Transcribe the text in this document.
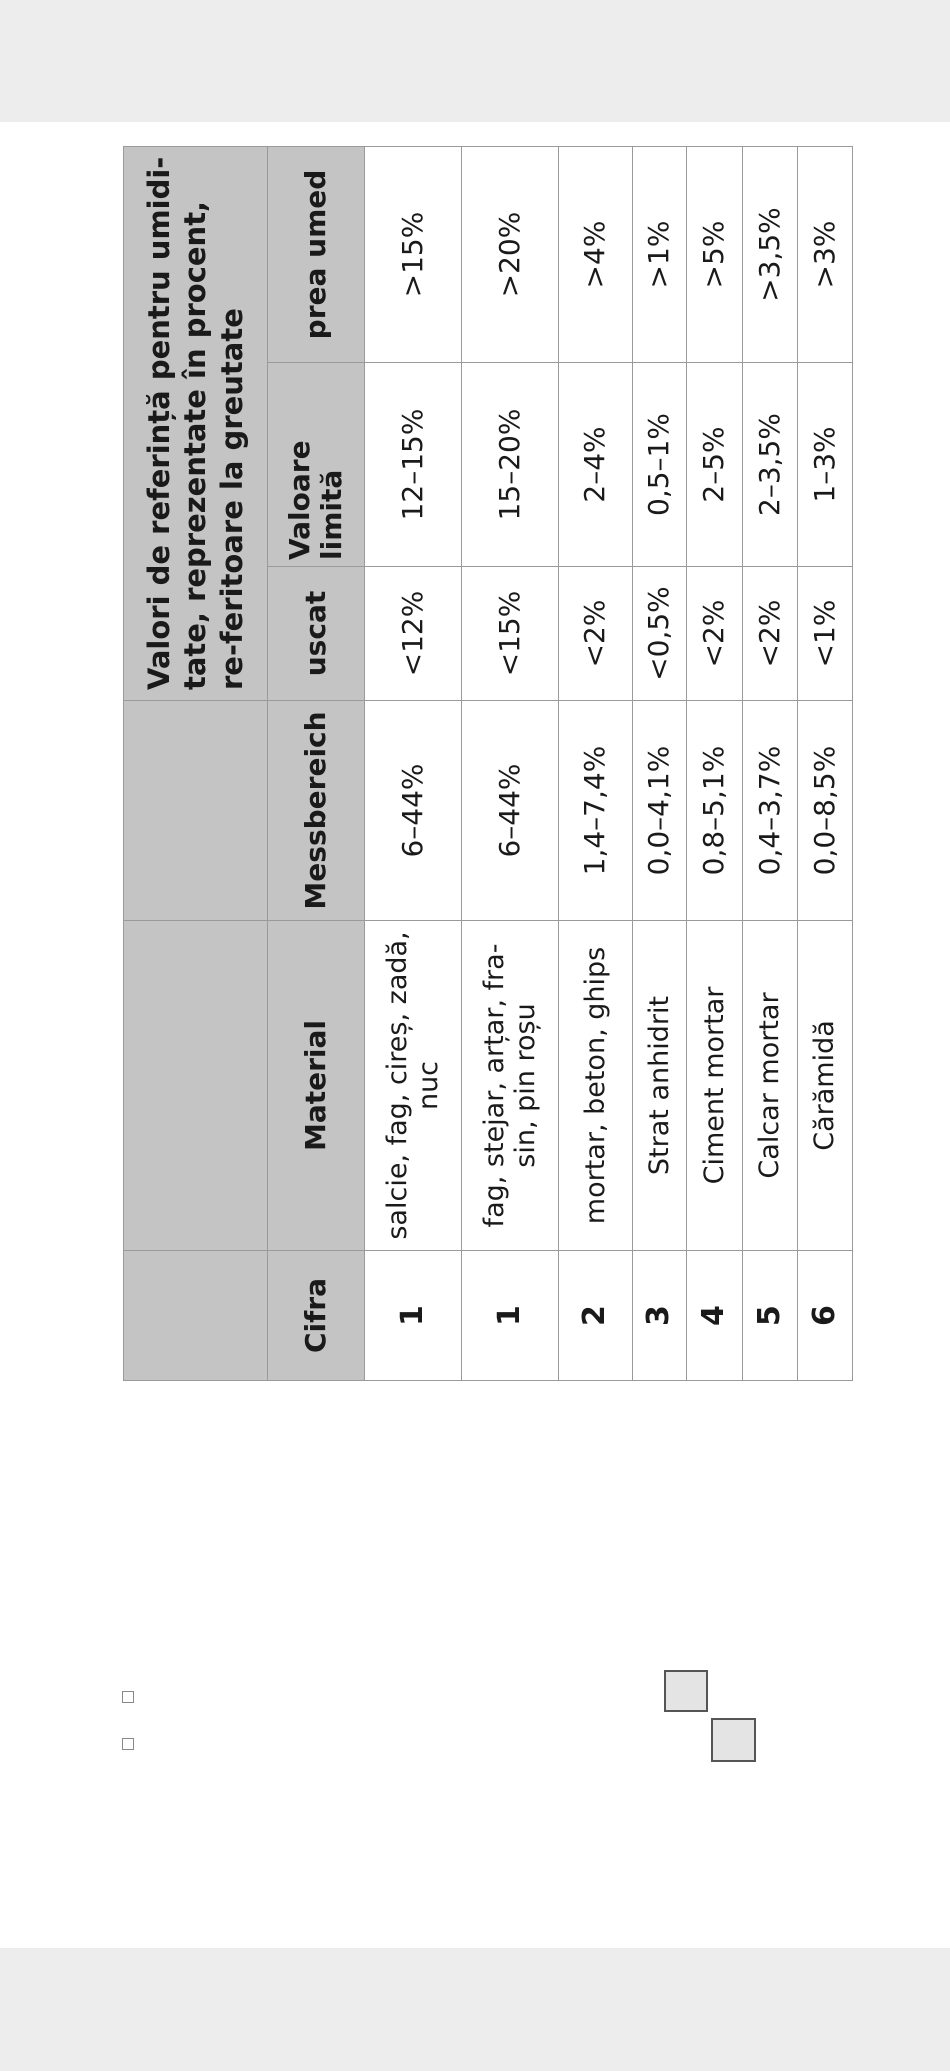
			Valori de referință pentru umidi-tate, reprezentate în procent, re-feritoare la greutate		
Cifra	Material	Messbereich	uscat	Valoare limită	prea umed
1	salcie, fag, cireș, zadă, nuc	6–44%	<12%	12–15%	>15%
1	fag, stejar, arțar, fra-sin, pin roșu	6–44%	<15%	15–20%	>20%
2	mortar, beton, ghips	1,4–7,4%	<2%	2–4%	>4%
3	Strat anhidrit	0,0–4,1%	<0,5%	0,5–1%	>1%
4	Ciment mortar	0,8–5,1%	<2%	2–5%	>5%
5	Calcar mortar	0,4–3,7%	<2%	2–3,5%	>3,5%
6	Cărămidă	0,0–8,5%	<1%	1–3%	>3%
